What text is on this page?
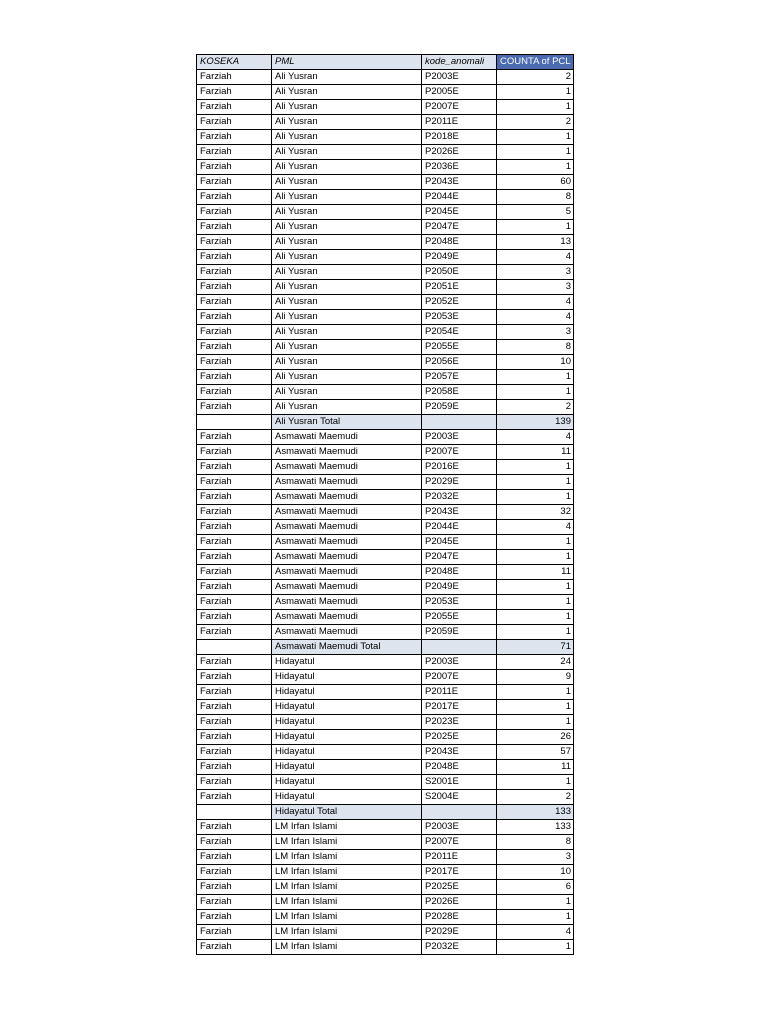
KOSEKA	PML	kode_anomali	COUNTA of PCL
Farziah	Ali Yusran	P2003E	2
Farziah	Ali Yusran	P2005E	1
Farziah	Ali Yusran	P2007E	1
Farziah	Ali Yusran	P2011E	2
Farziah	Ali Yusran	P2018E	1
Farziah	Ali Yusran	P2026E	1
Farziah	Ali Yusran	P2036E	1
Farziah	Ali Yusran	P2043E	60
Farziah	Ali Yusran	P2044E	8
Farziah	Ali Yusran	P2045E	5
Farziah	Ali Yusran	P2047E	1
Farziah	Ali Yusran	P2048E	13
Farziah	Ali Yusran	P2049E	4
Farziah	Ali Yusran	P2050E	3
Farziah	Ali Yusran	P2051E	3
Farziah	Ali Yusran	P2052E	4
Farziah	Ali Yusran	P2053E	4
Farziah	Ali Yusran	P2054E	3
Farziah	Ali Yusran	P2055E	8
Farziah	Ali Yusran	P2056E	10
Farziah	Ali Yusran	P2057E	1
Farziah	Ali Yusran	P2058E	1
Farziah	Ali Yusran	P2059E	2
	Ali Yusran Total		139
Farziah	Asmawati Maemudi	P2003E	4
Farziah	Asmawati Maemudi	P2007E	11
Farziah	Asmawati Maemudi	P2016E	1
Farziah	Asmawati Maemudi	P2029E	1
Farziah	Asmawati Maemudi	P2032E	1
Farziah	Asmawati Maemudi	P2043E	32
Farziah	Asmawati Maemudi	P2044E	4
Farziah	Asmawati Maemudi	P2045E	1
Farziah	Asmawati Maemudi	P2047E	1
Farziah	Asmawati Maemudi	P2048E	11
Farziah	Asmawati Maemudi	P2049E	1
Farziah	Asmawati Maemudi	P2053E	1
Farziah	Asmawati Maemudi	P2055E	1
Farziah	Asmawati Maemudi	P2059E	1
	Asmawati Maemudi Total		71
Farziah	Hidayatul	P2003E	24
Farziah	Hidayatul	P2007E	9
Farziah	Hidayatul	P2011E	1
Farziah	Hidayatul	P2017E	1
Farziah	Hidayatul	P2023E	1
Farziah	Hidayatul	P2025E	26
Farziah	Hidayatul	P2043E	57
Farziah	Hidayatul	P2048E	11
Farziah	Hidayatul	S2001E	1
Farziah	Hidayatul	S2004E	2
	Hidayatul Total		133
Farziah	LM Irfan Islami	P2003E	133
Farziah	LM Irfan Islami	P2007E	8
Farziah	LM Irfan Islami	P2011E	3
Farziah	LM Irfan Islami	P2017E	10
Farziah	LM Irfan Islami	P2025E	6
Farziah	LM Irfan Islami	P2026E	1
Farziah	LM Irfan Islami	P2028E	1
Farziah	LM Irfan Islami	P2029E	4
Farziah	LM Irfan Islami	P2032E	1
